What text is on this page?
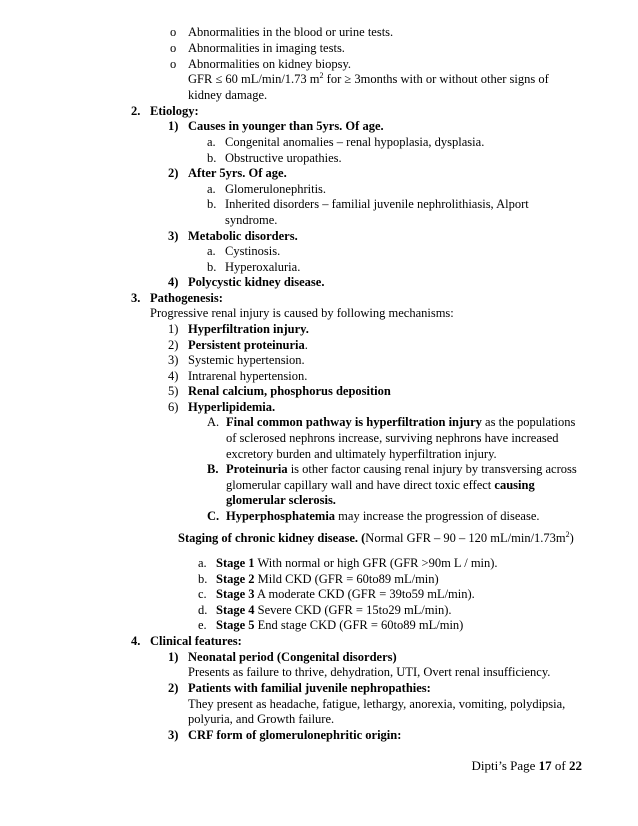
o Abnormalities in the blood or urine tests.
o Abnormalities in imaging tests.
o Abnormalities on kidney biopsy.
GFR ≤ 60 mL/min/1.73 $m^2$ for ≥ 3months with or without other signs of
kidney damage.
2. Etiology:
1) Causes in younger than 5yrs. Of age.
a. Congenital anomalies – renal hypoplasia, dysplasia.
b. Obstructive uropathies.
2) After 5yrs. Of age.
a. Glomerulonephritis.
b. Inherited disorders – familial juvenile nephrolithiasis, Alport
syndrome.
3) Metabolic disorders.
a. Cystinosis.
b. Hyperoxaluria.
4) Polycystic kidney disease.
3. Pathogenesis:
Progressive renal injury is caused by following mechanisms:
1) Hyperfiltration injury.
2) Persistent proteinuria.
3) Systemic hypertension.
4) Intrarenal hypertension.
5) Renal calcium, phosphorus deposition
6) Hyperlipidemia.
A. Final common pathway is hyperfiltration injury as the populations
of sclerosed nephrons increase, surviving nephrons have increased
excretory burden and ultimately hyperfiltration injury.
B. Proteinuria is other factor causing renal injury by transversing across
glomerular capillary wall and have direct toxic effect causing
glomerular sclerosis.
C. Hyperphosphatemia may increase the progression of disease.
Staging of chronic kidney disease. (Normal GFR – 90 – 120 $mL/\min/1.73m^2$)
a. Stage 1 With normal or high GFR (GFR >90m L / min).
b. Stage 2 Mild CKD (GFR = 60to89 mL/min)
c. Stage 3 A moderate CKD (GFR = 39to59 mL/min).
d. Stage 4 Severe CKD (GFR = 15to29 mL/min).
e. Stage 5 End stage CKD (GFR = 60to89 mL/min)
4. Clinical features:
1) Neonatal period (Congenital disorders)
Presents as failure to thrive, dehydration, UTI, Overt renal insufficiency.
2) Patients with familial juvenile nephropathies:
They present as headache, fatigue, lethargy, anorexia, vomiting, polydipsia,
polyuria, and Growth failure.
3) CRF form of glomerulonephritic origin:
Dipti’s Page 17 of 22
